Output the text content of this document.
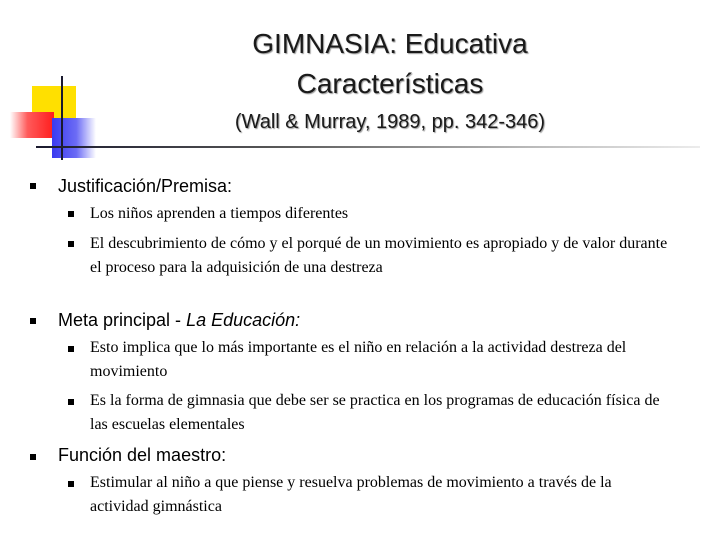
GIMNASIA: Educativa
Características
(Wall & Murray, 1989, pp. 342-346)
Justificación/Premisa:
Los niños aprenden a tiempos diferentes
El descubrimiento de cómo y el porqué de un movimiento es apropiado y de valor durante el proceso para la adquisición de una destreza
Meta principal - La Educación:
Esto implica que lo más importante es el niño en relación a la actividad destreza del movimiento
Es la forma de gimnasia que debe ser se practica en los programas de educación física de las escuelas elementales
Función del maestro:
Estimular al niño a que piense y resuelva problemas de movimiento a través de la actividad gimnástica
